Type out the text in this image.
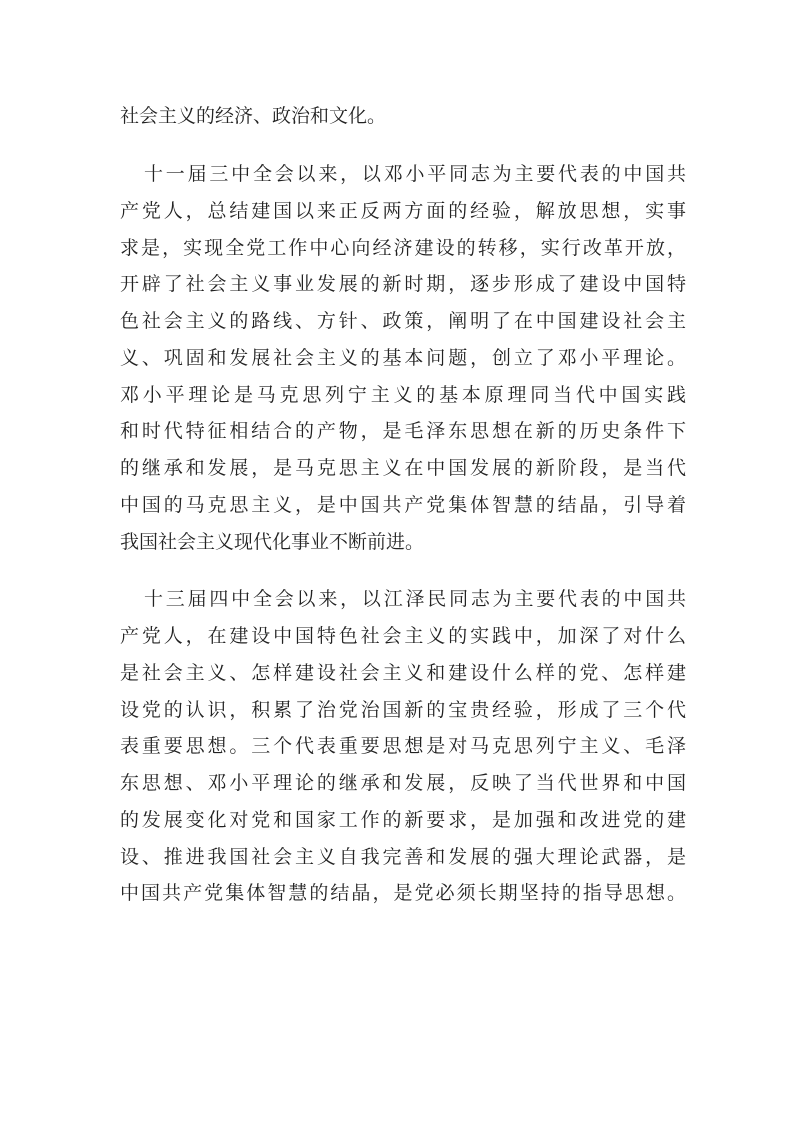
社会主义的经济、政治和文化。
十一届三中全会以来，以邓小平同志为主要代表的中国共
产党人，总结建国以来正反两方面的经验，解放思想，实事
求是，实现全党工作中心向经济建设的转移，实行改革开放，
开辟了社会主义事业发展的新时期，逐步形成了建设中国特
色社会主义的路线、方针、政策，阐明了在中国建设社会主
义、巩固和发展社会主义的基本问题，创立了邓小平理论。
邓小平理论是马克思列宁主义的基本原理同当代中国实践
和时代特征相结合的产物，是毛泽东思想在新的历史条件下
的继承和发展，是马克思主义在中国发展的新阶段，是当代
中国的马克思主义，是中国共产党集体智慧的结晶，引导着
我国社会主义现代化事业不断前进。
十三届四中全会以来，以江泽民同志为主要代表的中国共
产党人，在建设中国特色社会主义的实践中，加深了对什么
是社会主义、怎样建设社会主义和建设什么样的党、怎样建
设党的认识，积累了治党治国新的宝贵经验，形成了三个代
表重要思想。三个代表重要思想是对马克思列宁主义、毛泽
东思想、邓小平理论的继承和发展，反映了当代世界和中国
的发展变化对党和国家工作的新要求，是加强和改进党的建
设、推进我国社会主义自我完善和发展的强大理论武器，是
中国共产党集体智慧的结晶，是党必须长期坚持的指导思想。
